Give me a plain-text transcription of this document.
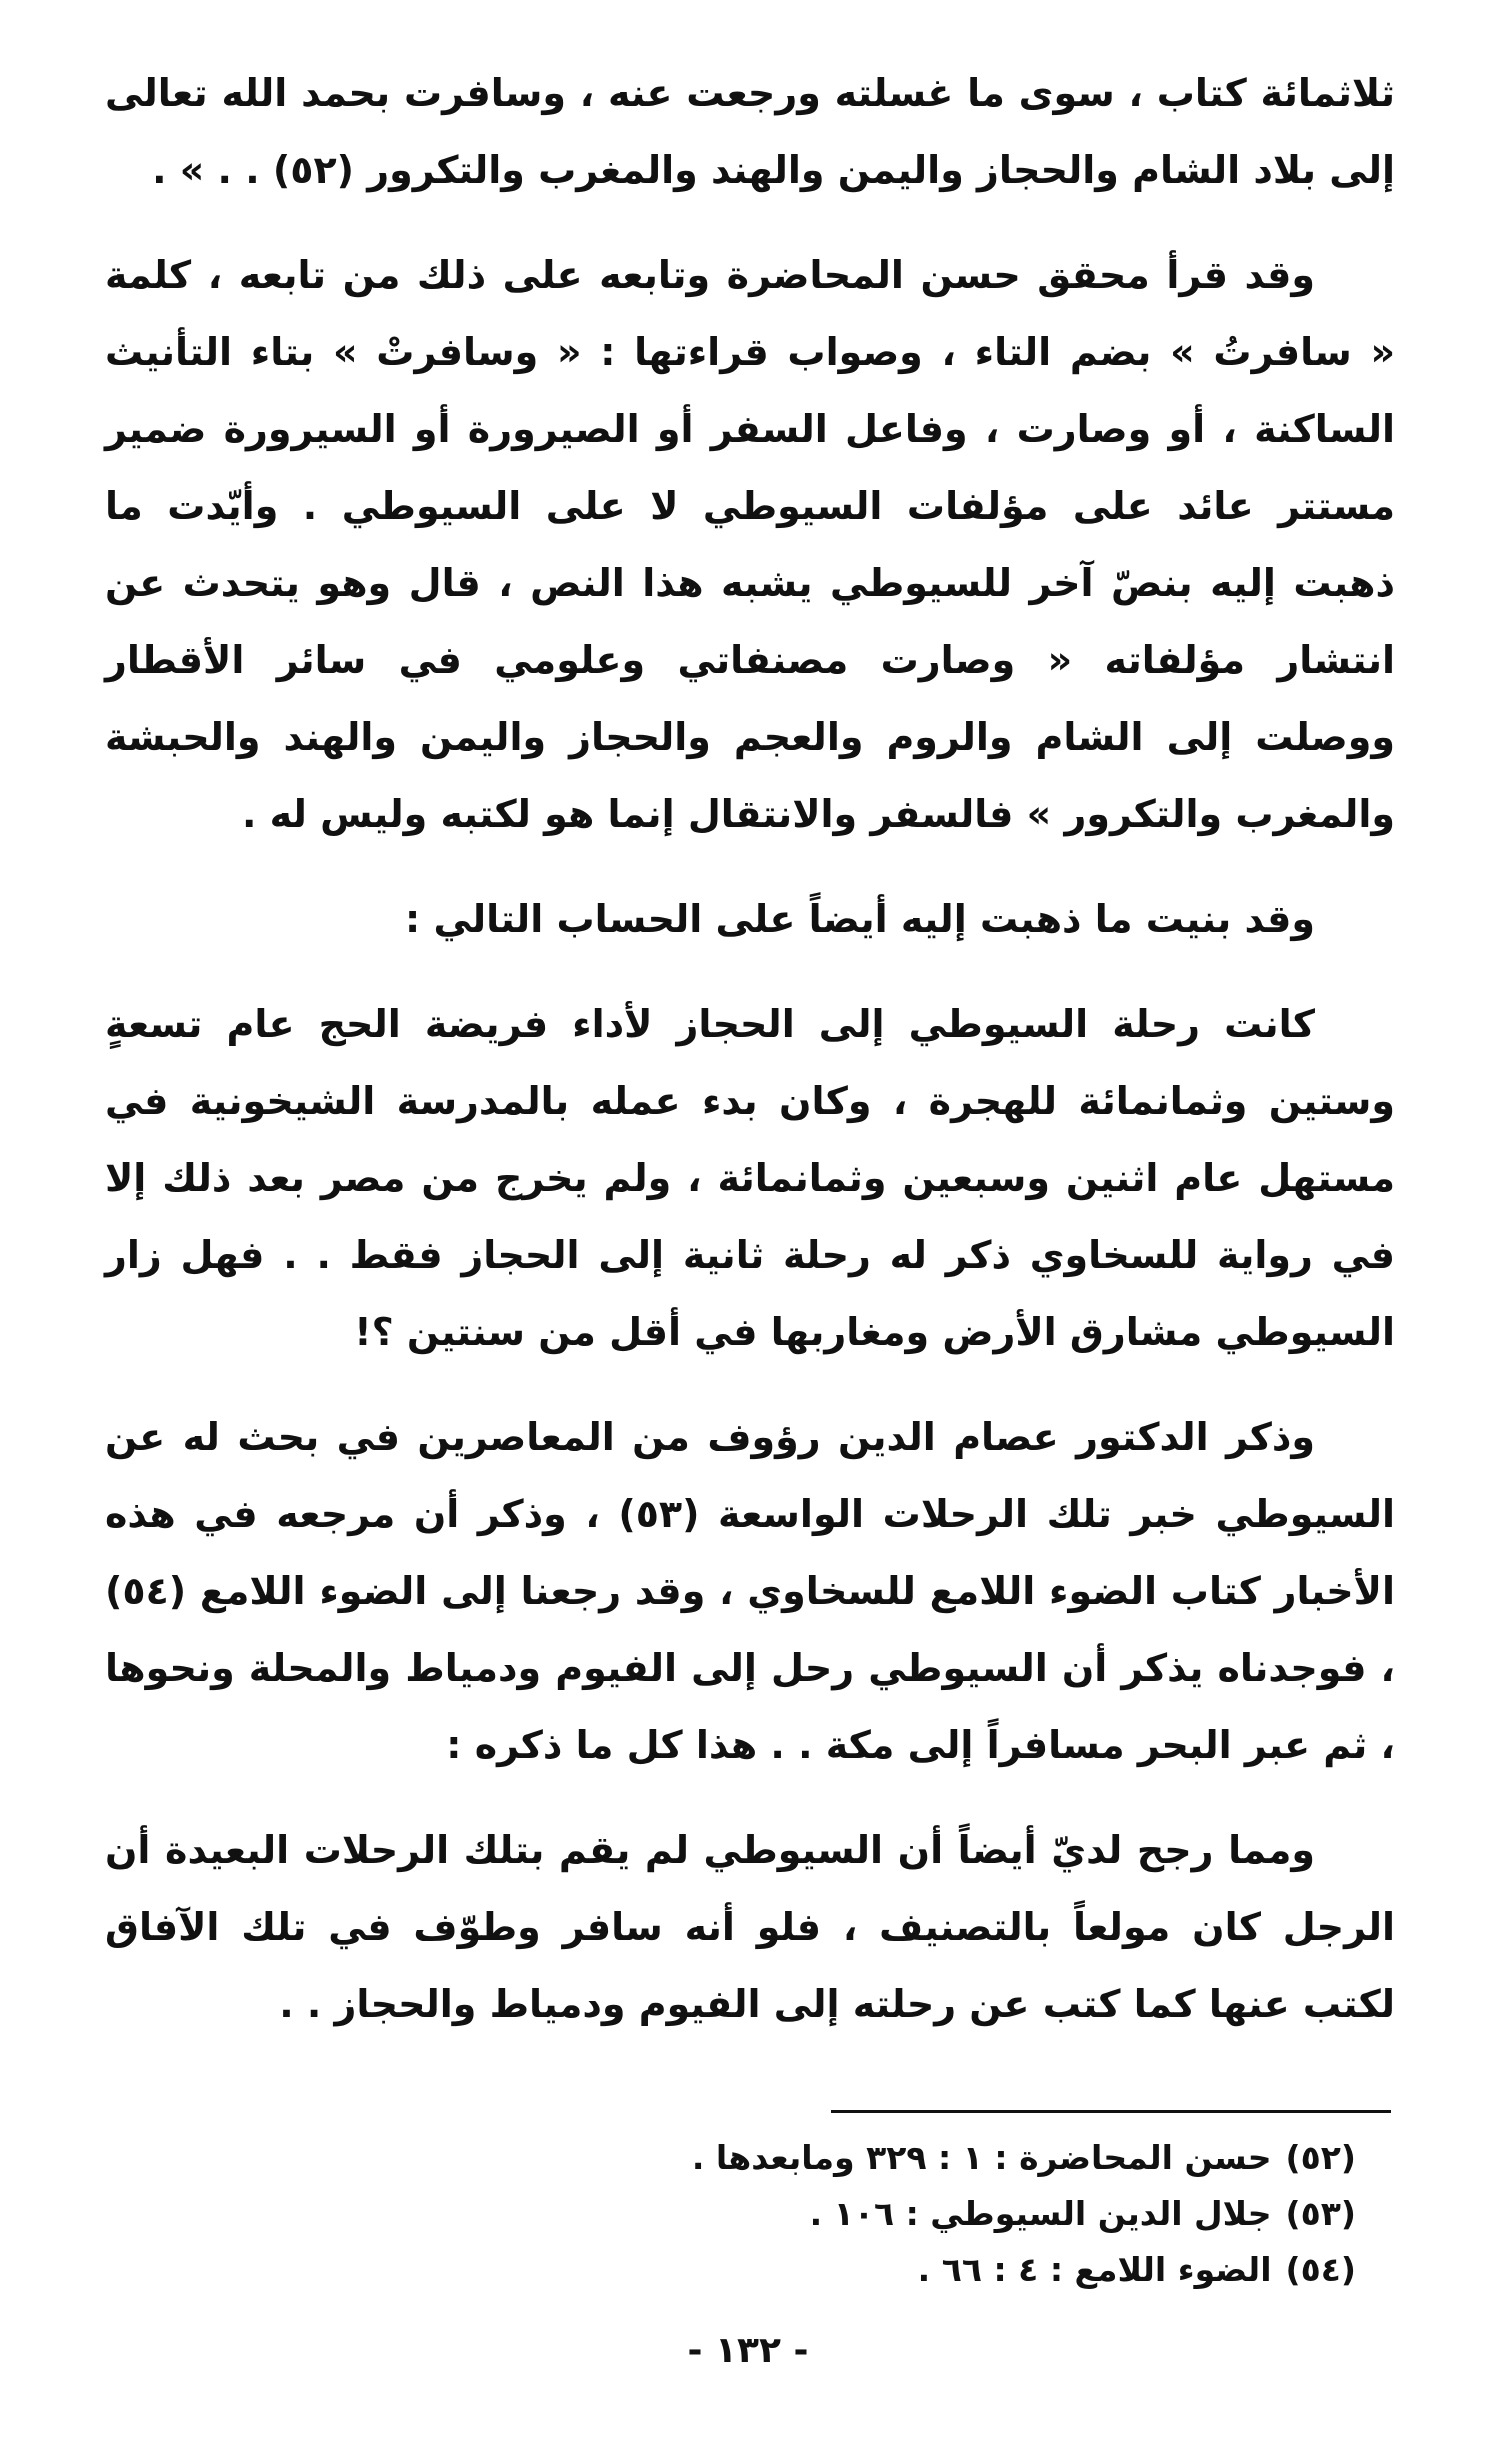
ثلاثمائة كتاب ، سوى ما غسلته ورجعت عنه ، وسافرت بحمد الله تعالى إلى بلاد الشام والحجاز واليمن والهند والمغرب والتكرور (٥٢) . . » .

وقد قرأ محقق حسن المحاضرة وتابعه على ذلك من تابعه ، كلمة « سافرتُ » بضم التاء ، وصواب قراءتها : « وسافرتْ » بتاء التأنيث الساكنة ، أو وصارت ، وفاعل السفر أو الصيرورة أو السيرورة ضمير مستتر عائد على مؤلفات السيوطي لا على السيوطي . وأيّدت ما ذهبت إليه بنصّ آخر للسيوطي يشبه هذا النص ، قال وهو يتحدث عن انتشار مؤلفاته « وصارت مصنفاتي وعلومي في سائر الأقطار ووصلت إلى الشام والروم والعجم والحجاز واليمن والهند والحبشة والمغرب والتكرور » فالسفر والانتقال إنما هو لكتبه وليس له .

وقد بنيت ما ذهبت إليه أيضاً على الحساب التالي :

كانت رحلة السيوطي إلى الحجاز لأداء فريضة الحج عام تسعةٍ وستين وثمانمائة للهجرة ، وكان بدء عمله بالمدرسة الشيخونية في مستهل عام اثنين وسبعين وثمانمائة ، ولم يخرج من مصر بعد ذلك إلا في رواية للسخاوي ذكر له رحلة ثانية إلى الحجاز فقط . . فهل زار السيوطي مشارق الأرض ومغاربها في أقل من سنتين ؟!

وذكر الدكتور عصام الدين رؤوف من المعاصرين في بحث له عن السيوطي خبر تلك الرحلات الواسعة (٥٣) ، وذكر أن مرجعه في هذه الأخبار كتاب الضوء اللامع للسخاوي ، وقد رجعنا إلى الضوء اللامع (٥٤) ، فوجدناه يذكر أن السيوطي رحل إلى الفيوم ودمياط والمحلة ونحوها ، ثم عبر البحر مسافراً إلى مكة . . هذا كل ما ذكره :

ومما رجح لديّ أيضاً أن السيوطي لم يقم بتلك الرحلات البعيدة أن الرجل كان مولعاً بالتصنيف ، فلو أنه سافر وطوّف في تلك الآفاق لكتب عنها كما كتب عن رحلته إلى الفيوم ودمياط والحجاز . .

(٥٢)حسن المحاضرة : ١ : ٣٢٩ ومابعدها .
(٥٣)جلال الدين السيوطي : ١٠٦ .
(٥٤)الضوء اللامع : ٤ : ٦٦ .
- ١٣٢ -
